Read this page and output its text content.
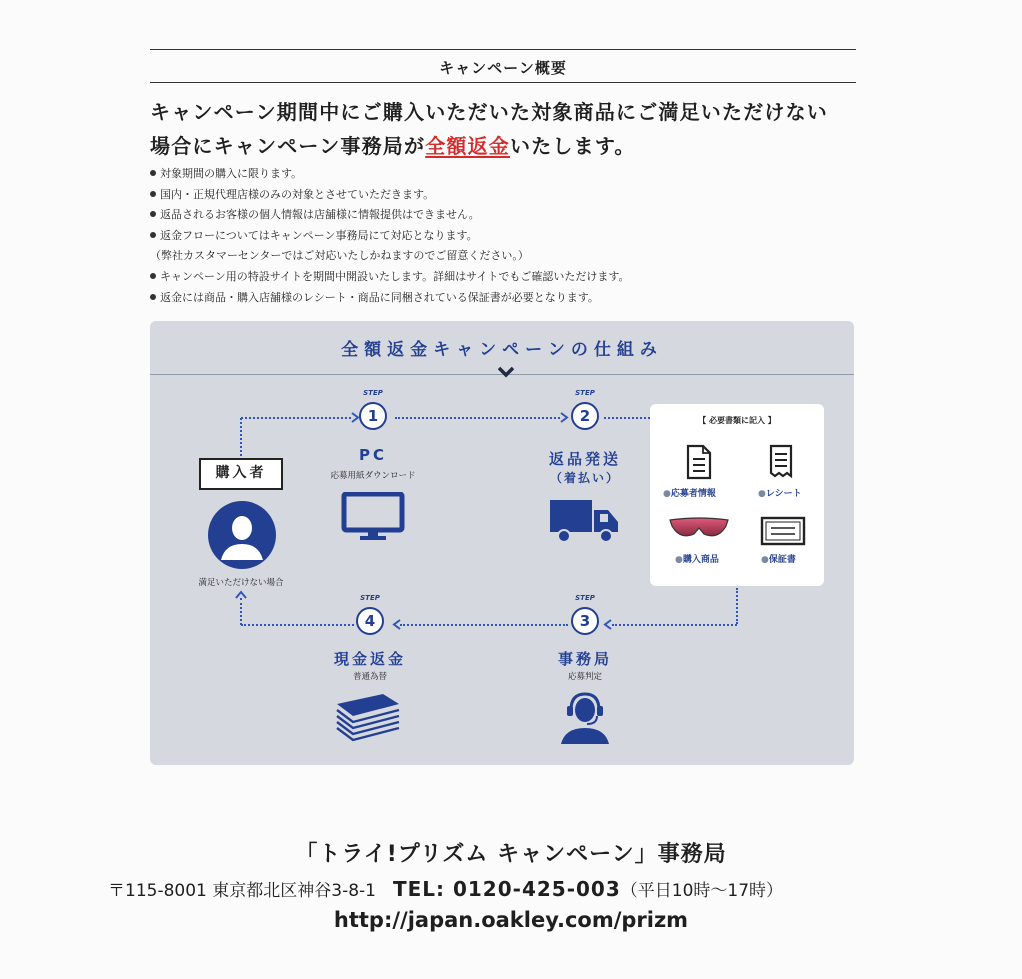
キャンペーン概要
キャンペーン期間中にご購入いただいた対象商品にご満足いただけない
場合にキャンペーン事務局が全額返金いたします。
対象期間の購入に限ります。
国内・正規代理店様のみの対象とさせていただきます。
返品されるお客様の個人情報は店舗様に情報提供はできません。
返金フローについてはキャンペーン事務局にて対応となります。
（弊社カスタマーセンターではご対応いたしかねますのでご留意ください。）
キャンペーン用の特設サイトを期間中開設いたします。詳細はサイトでもご確認いただけます。
返金には商品・購入店舗様のレシート・商品に同梱されている保証書が必要となります。
全額返金キャンペーンの仕組み
購入者
満足いただけない場合
STEP
1
PC
応募用紙ダウンロード
STEP
2
返品発送
（着払い）
【 必要書類に記入 】
●応募者情報	●レシート
●購入商品	●保証書
STEP
4
現金返金
普通為替
STEP
3
事務局
応募判定
「トライ!プリズム キャンペーン」事務局
〒115-8001 東京都北区神谷3-8-1　 TEL: 0120-425-003（平日10時～17時）
http://japan.oakley.com/prizm
